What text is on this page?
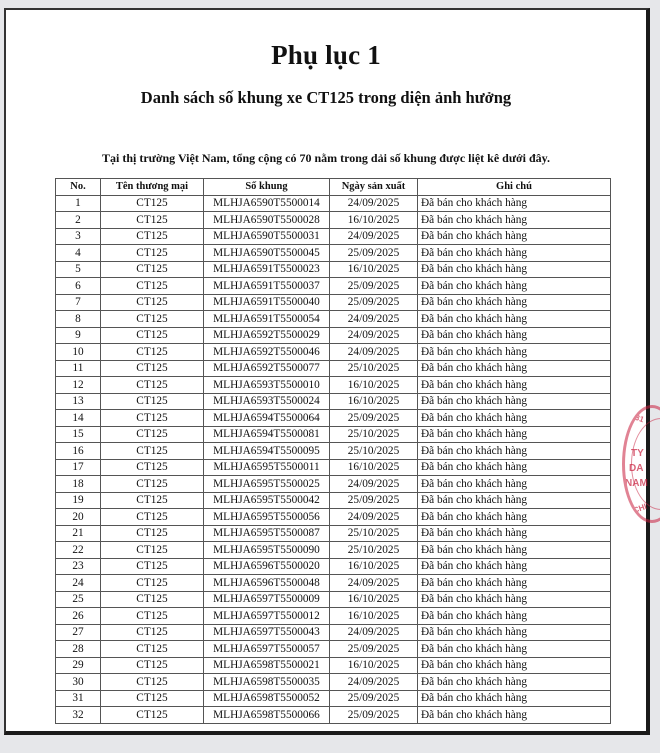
Phụ lục 1
Danh sách số khung xe CT125 trong diện ảnh hưởng
Tại thị trường Việt Nam, tổng cộng có 70 nằm trong dải số khung được liệt kê dưới đây.
No.	Tên thương mại	Số khung	Ngày sản xuất	Ghi chú
1	CT125	MLHJA6590T5500014	24/09/2025	Đã bán cho khách hàng
2	CT125	MLHJA6590T5500028	16/10/2025	Đã bán cho khách hàng
3	CT125	MLHJA6590T5500031	24/09/2025	Đã bán cho khách hàng
4	CT125	MLHJA6590T5500045	25/09/2025	Đã bán cho khách hàng
5	CT125	MLHJA6591T5500023	16/10/2025	Đã bán cho khách hàng
6	CT125	MLHJA6591T5500037	25/09/2025	Đã bán cho khách hàng
7	CT125	MLHJA6591T5500040	25/09/2025	Đã bán cho khách hàng
8	CT125	MLHJA6591T5500054	24/09/2025	Đã bán cho khách hàng
9	CT125	MLHJA6592T5500029	24/09/2025	Đã bán cho khách hàng
10	CT125	MLHJA6592T5500046	24/09/2025	Đã bán cho khách hàng
11	CT125	MLHJA6592T5500077	25/10/2025	Đã bán cho khách hàng
12	CT125	MLHJA6593T5500010	16/10/2025	Đã bán cho khách hàng
13	CT125	MLHJA6593T5500024	16/10/2025	Đã bán cho khách hàng
14	CT125	MLHJA6594T5500064	25/09/2025	Đã bán cho khách hàng
15	CT125	MLHJA6594T5500081	25/10/2025	Đã bán cho khách hàng
16	CT125	MLHJA6594T5500095	25/10/2025	Đã bán cho khách hàng
17	CT125	MLHJA6595T5500011	16/10/2025	Đã bán cho khách hàng
18	CT125	MLHJA6595T5500025	24/09/2025	Đã bán cho khách hàng
19	CT125	MLHJA6595T5500042	25/09/2025	Đã bán cho khách hàng
20	CT125	MLHJA6595T5500056	24/09/2025	Đã bán cho khách hàng
21	CT125	MLHJA6595T5500087	25/10/2025	Đã bán cho khách hàng
22	CT125	MLHJA6595T5500090	25/10/2025	Đã bán cho khách hàng
23	CT125	MLHJA6596T5500020	16/10/2025	Đã bán cho khách hàng
24	CT125	MLHJA6596T5500048	24/09/2025	Đã bán cho khách hàng
25	CT125	MLHJA6597T5500009	16/10/2025	Đã bán cho khách hàng
26	CT125	MLHJA6597T5500012	16/10/2025	Đã bán cho khách hàng
27	CT125	MLHJA6597T5500043	24/09/2025	Đã bán cho khách hàng
28	CT125	MLHJA6597T5500057	25/09/2025	Đã bán cho khách hàng
29	CT125	MLHJA6598T5500021	16/10/2025	Đã bán cho khách hàng
30	CT125	MLHJA6598T5500035	24/09/2025	Đã bán cho khách hàng
31	CT125	MLHJA6598T5500052	25/09/2025	Đã bán cho khách hàng
32	CT125	MLHJA6598T5500066	25/09/2025	Đã bán cho khách hàng
31
TY
DA
NAM
CHI
